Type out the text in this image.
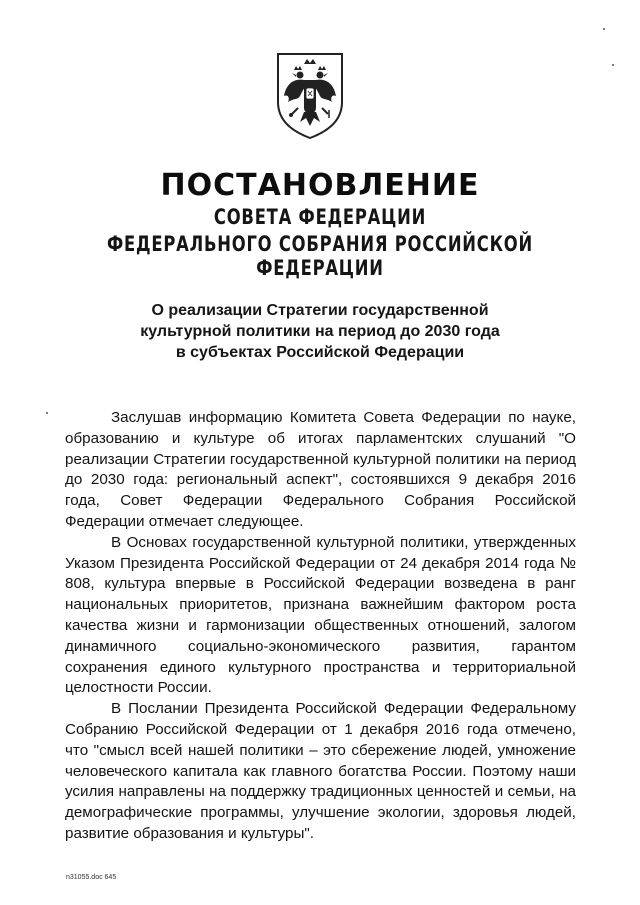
ПОСТАНОВЛЕНИЕ
СОВЕТА ФЕДЕРАЦИИ
ФЕДЕРАЛЬНОГО СОБРАНИЯ РОССИЙСКОЙ ФЕДЕРАЦИИ
О реализации Стратегии государственной
культурной политики на период до 2030 года
в субъектах Российской Федерации

Заслушав информацию Комитета Совета Федерации по науке, образованию и культуре об итогах парламентских слушаний "О реализации Стратегии государственной культурной политики на период до 2030 года: региональный аспект", состоявшихся 9 декабря 2016 года, Совет Федерации Федерального Собрания Российской Федерации отмечает следующее.

В Основах государственной культурной политики, утвержденных Указом Президента Российской Федерации от 24 декабря 2014 года № 808, культура впервые в Российской Федерации возведена в ранг национальных приоритетов, признана важнейшим фактором роста качества жизни и гармонизации общественных отношений, залогом динамичного социально-экономического развития, гарантом сохранения единого культурного пространства и территориальной целостности России.

В Послании Президента Российской Федерации Федеральному Собранию Российской Федерации от 1 декабря 2016 года отмечено, что "смысл всей нашей политики – это сбережение людей, умножение человеческого капитала как главного богатства России. Поэтому наши усилия направлены на поддержку традиционных ценностей и семьи, на демографические программы, улучшение экологии, здоровья людей, развитие образования и культуры".

n31055.doc 645
